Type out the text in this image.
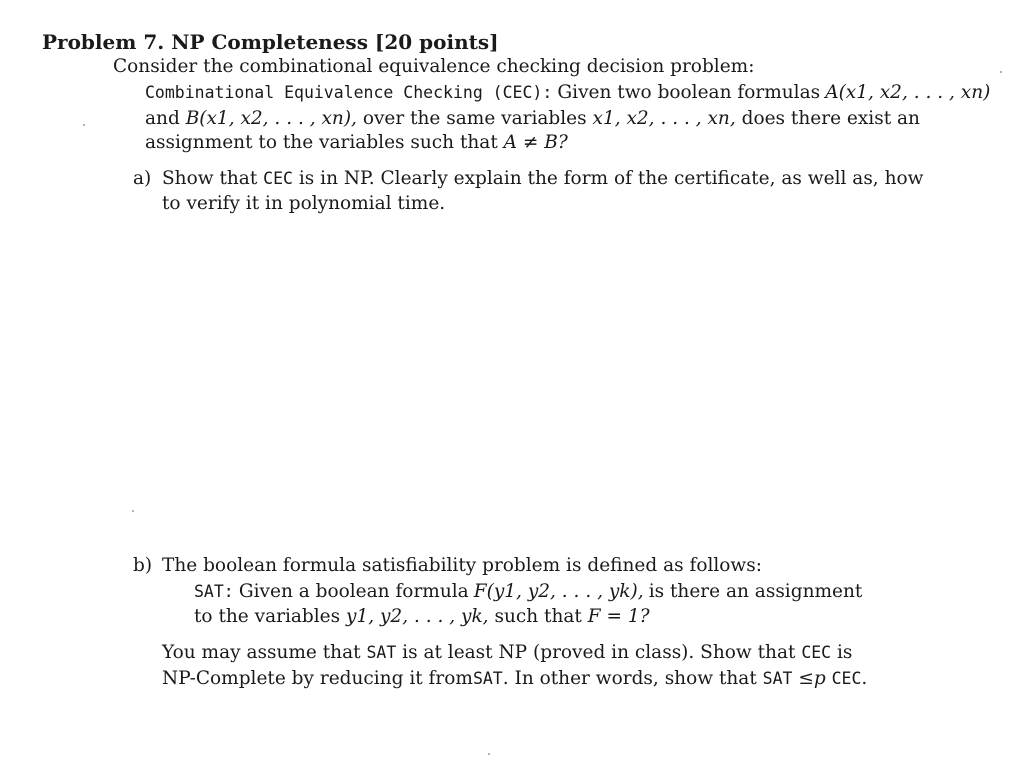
Problem 7. NP Completeness [20 points]
Consider the combinational equivalence checking decision problem:
Combinational Equivalence Checking (CEC): Given two boolean formulas A(x1, x2, . . . , xn)
and B(x1, x2, . . . , xn), over the same variables x1, x2, . . . , xn, does there exist an
assignment to the variables such that A ≠ B?
a) Show that CEC is in NP. Clearly explain the form of the certificate, as well as, how
to verify it in polynomial time.
b) The boolean formula satisfiability problem is defined as follows:
SAT: Given a boolean formula F(y1, y2, . . . , yk), is there an assignment
to the variables y1, y2, . . . , yk, such that F = 1?
You may assume that SAT is at least NP (proved in class). Show that CEC is
NP-Complete by reducing it fromSAT. In other words, show that SAT ≤p CEC.
